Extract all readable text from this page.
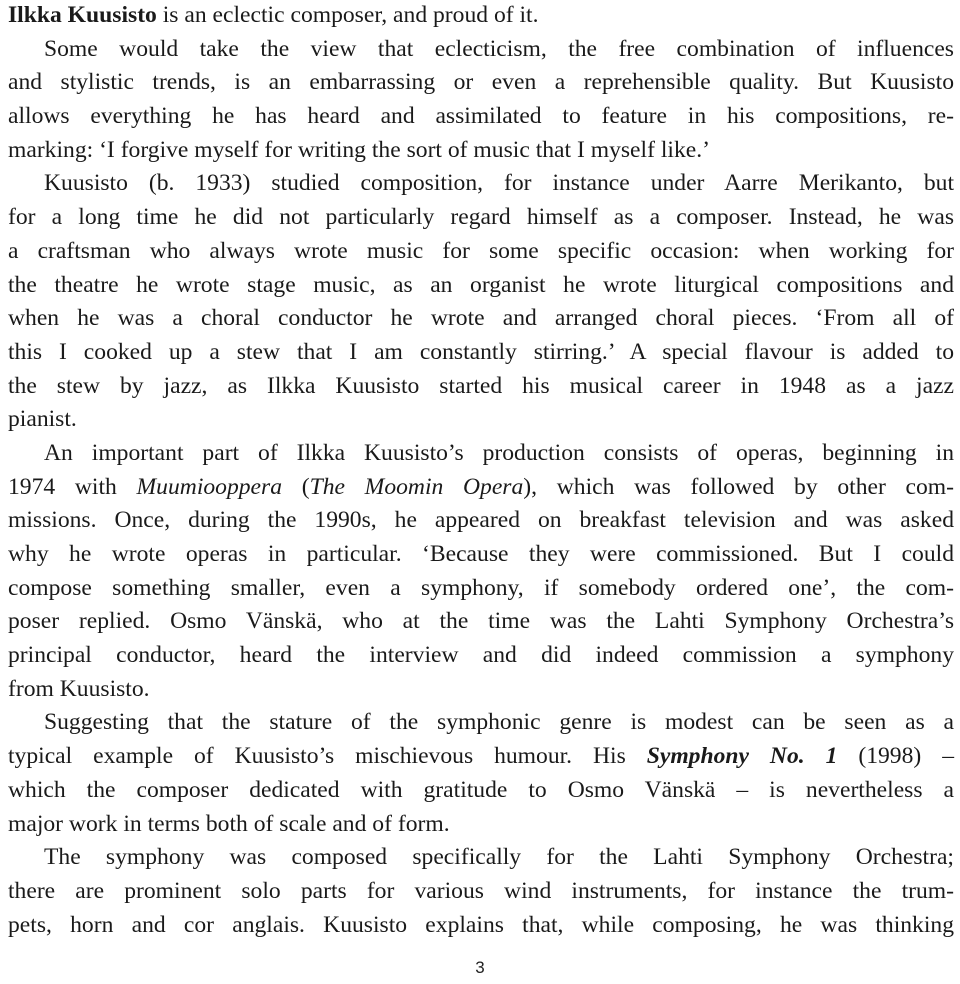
Ilkka Kuusisto is an eclectic composer, and proud of it.
Some would take the view that eclecticism, the free combination of influences
and stylistic trends, is an embarrassing or even a reprehensible quality. But Kuusisto
allows everything he has heard and assimilated to feature in his compositions, re-
marking: ‘I forgive myself for writing the sort of music that I myself like.’
Kuusisto (b. 1933) studied composition, for instance under Aarre Merikanto, but
for a long time he did not particularly regard himself as a composer. Instead, he was
a craftsman who always wrote music for some specific occasion: when working for
the theatre he wrote stage music, as an organist he wrote liturgical compositions and
when he was a choral conductor he wrote and arranged choral pieces. ‘From all of
this I cooked up a stew that I am constantly stirring.’ A special flavour is added to
the stew by jazz, as Ilkka Kuusisto started his musical career in 1948 as a jazz
pianist.
An important part of Ilkka Kuusisto’s production consists of operas, beginning in
1974 with Muumiooppera (The Moomin Opera), which was followed by other com-
missions. Once, during the 1990s, he appeared on breakfast television and was asked
why he wrote operas in particular. ‘Because they were commissioned. But I could
compose something smaller, even a symphony, if somebody ordered one’, the com-
poser replied. Osmo Vänskä, who at the time was the Lahti Symphony Orchestra’s
principal conductor, heard the interview and did indeed commission a symphony
from Kuusisto.
Suggesting that the stature of the symphonic genre is modest can be seen as a
typical example of Kuusisto’s mischievous humour. His Symphony No. 1 (1998) –
which the composer dedicated with gratitude to Osmo Vänskä – is nevertheless a
major work in terms both of scale and of form.
The symphony was composed specifically for the Lahti Symphony Orchestra;
there are prominent solo parts for various wind instruments, for instance the trum-
pets, horn and cor anglais. Kuusisto explains that, while composing, he was thinking
3
